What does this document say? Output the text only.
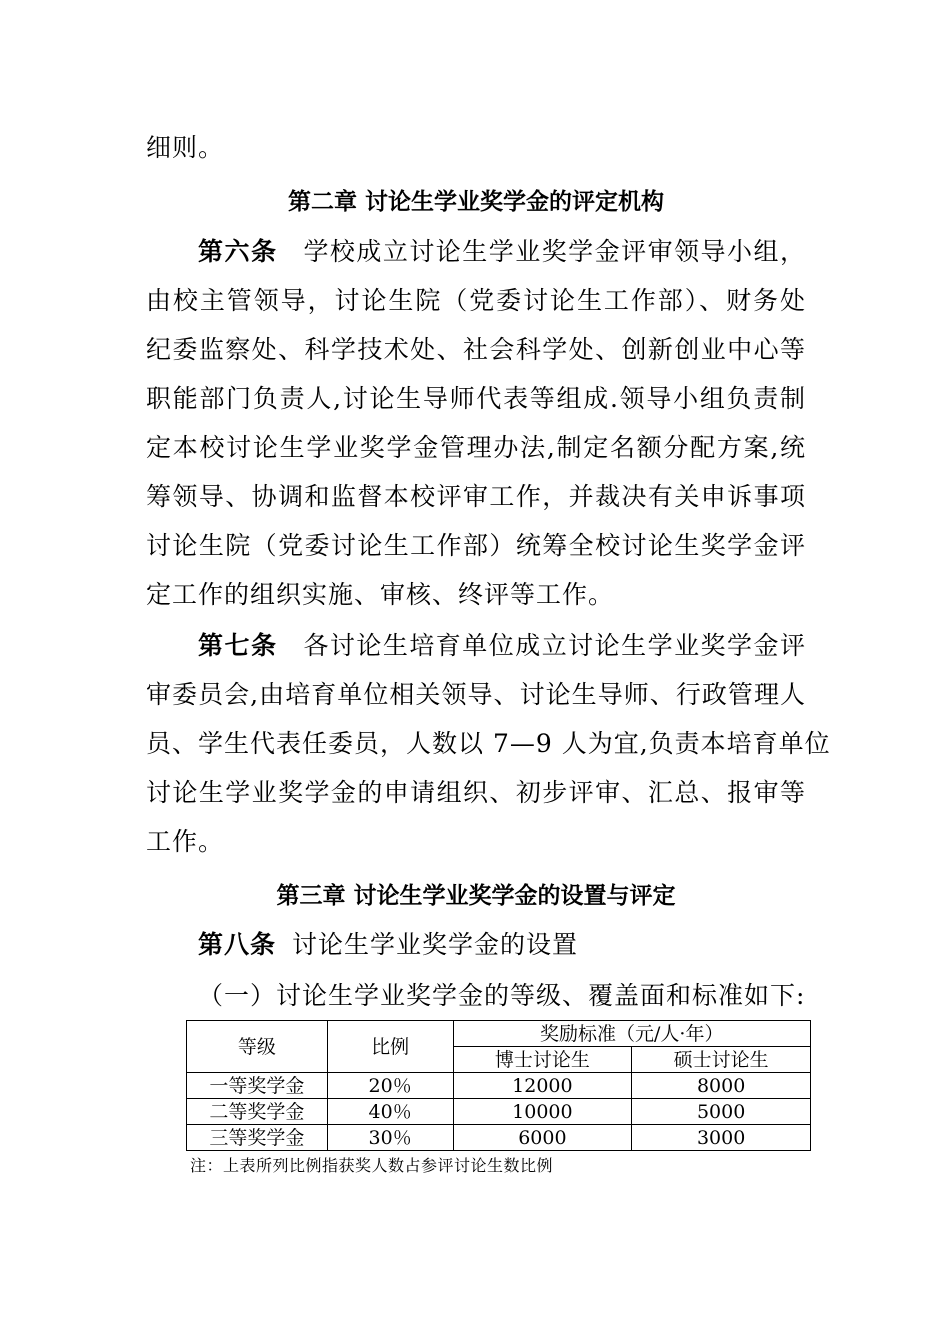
细则。
第二章 讨论生学业奖学金的评定机构
第六条 学校成立讨论生学业奖学金评审领导小组，
由校主管领导，讨论生院（党委讨论生工作部）、财务处
纪委监察处、科学技术处、社会科学处、创新创业中心等
职能部门负责人,讨论生导师代表等组成.领导小组负责制
定本校讨论生学业奖学金管理办法,制定名额分配方案,统
筹领导、协调和监督本校评审工作，并裁决有关申诉事项
讨论生院（党委讨论生工作部）统筹全校讨论生奖学金评
定工作的组织实施、审核、终评等工作。
第七条 各讨论生培育单位成立讨论生学业奖学金评
审委员会,由培育单位相关领导、讨论生导师、行政管理人
员、学生代表任委员，人数以 7—9 人为宜,负责本培育单位
讨论生学业奖学金的申请组织、初步评审、汇总、报审等
工作。
第三章 讨论生学业奖学金的设置与评定
第八条 讨论生学业奖学金的设置
（一）讨论生学业奖学金的等级、覆盖面和标准如下:
等级	比例	奖励标准（元/人·年）	
		博士讨论生	硕士讨论生
一等奖学金	20％	12000	8000
二等奖学金	40％	10000	5000
三等奖学金	30％	6000	3000
注：上表所列比例指获奖人数占参评讨论生数比例
